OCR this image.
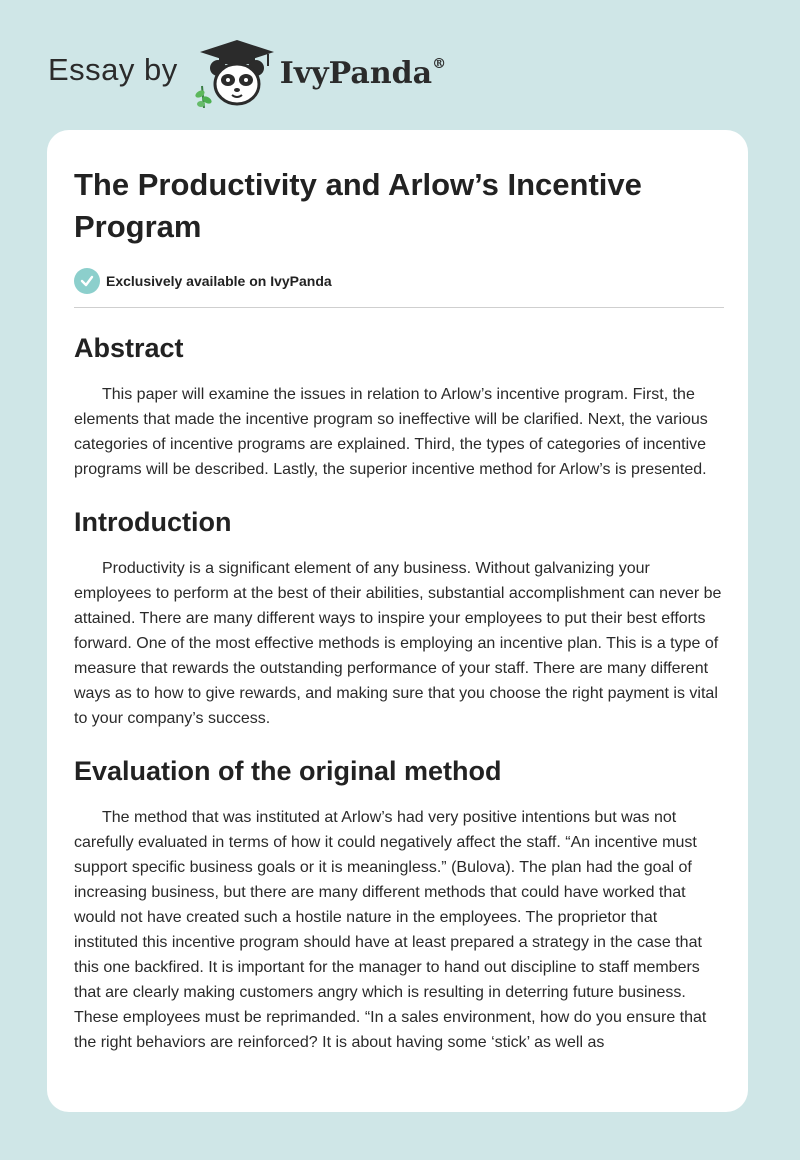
Essay by	IvyPanda®
The Productivity and Arlow’s Incentive Program
Exclusively available on IvyPanda
Abstract

This paper will examine the issues in relation to Arlow’s incentive program. First, the elements that made the incentive program so ineffective will be clarified. Next, the various categories of incentive programs are explained. Third, the types of categories of incentive programs will be described. Lastly, the superior incentive method for Arlow’s is presented.

Introduction

Productivity is a significant element of any business. Without galvanizing your employees to perform at the best of their abilities, substantial accomplishment can never be attained. There are many different ways to inspire your employees to put their best efforts forward. One of the most effective methods is employing an incentive plan. This is a type of measure that rewards the outstanding performance of your staff. There are many different ways as to how to give rewards, and making sure that you choose the right payment is vital to your company’s success.

Evaluation of the original method

The method that was instituted at Arlow’s had very positive intentions but was not carefully evaluated in terms of how it could negatively affect the staff. “An incentive must support specific business goals or it is meaningless.” (Bulova). The plan had the goal of increasing business, but there are many different methods that could have worked that would not have created such a hostile nature in the employees. The proprietor that instituted this incentive program should have at least prepared a strategy in the case that this one backfired. It is important for the manager to hand out discipline to staff members that are clearly making customers angry which is resulting in deterring future business. These employees must be reprimanded. “In a sales environment, how do you ensure that the right behaviors are reinforced? It is about having some ‘stick’ as well as
